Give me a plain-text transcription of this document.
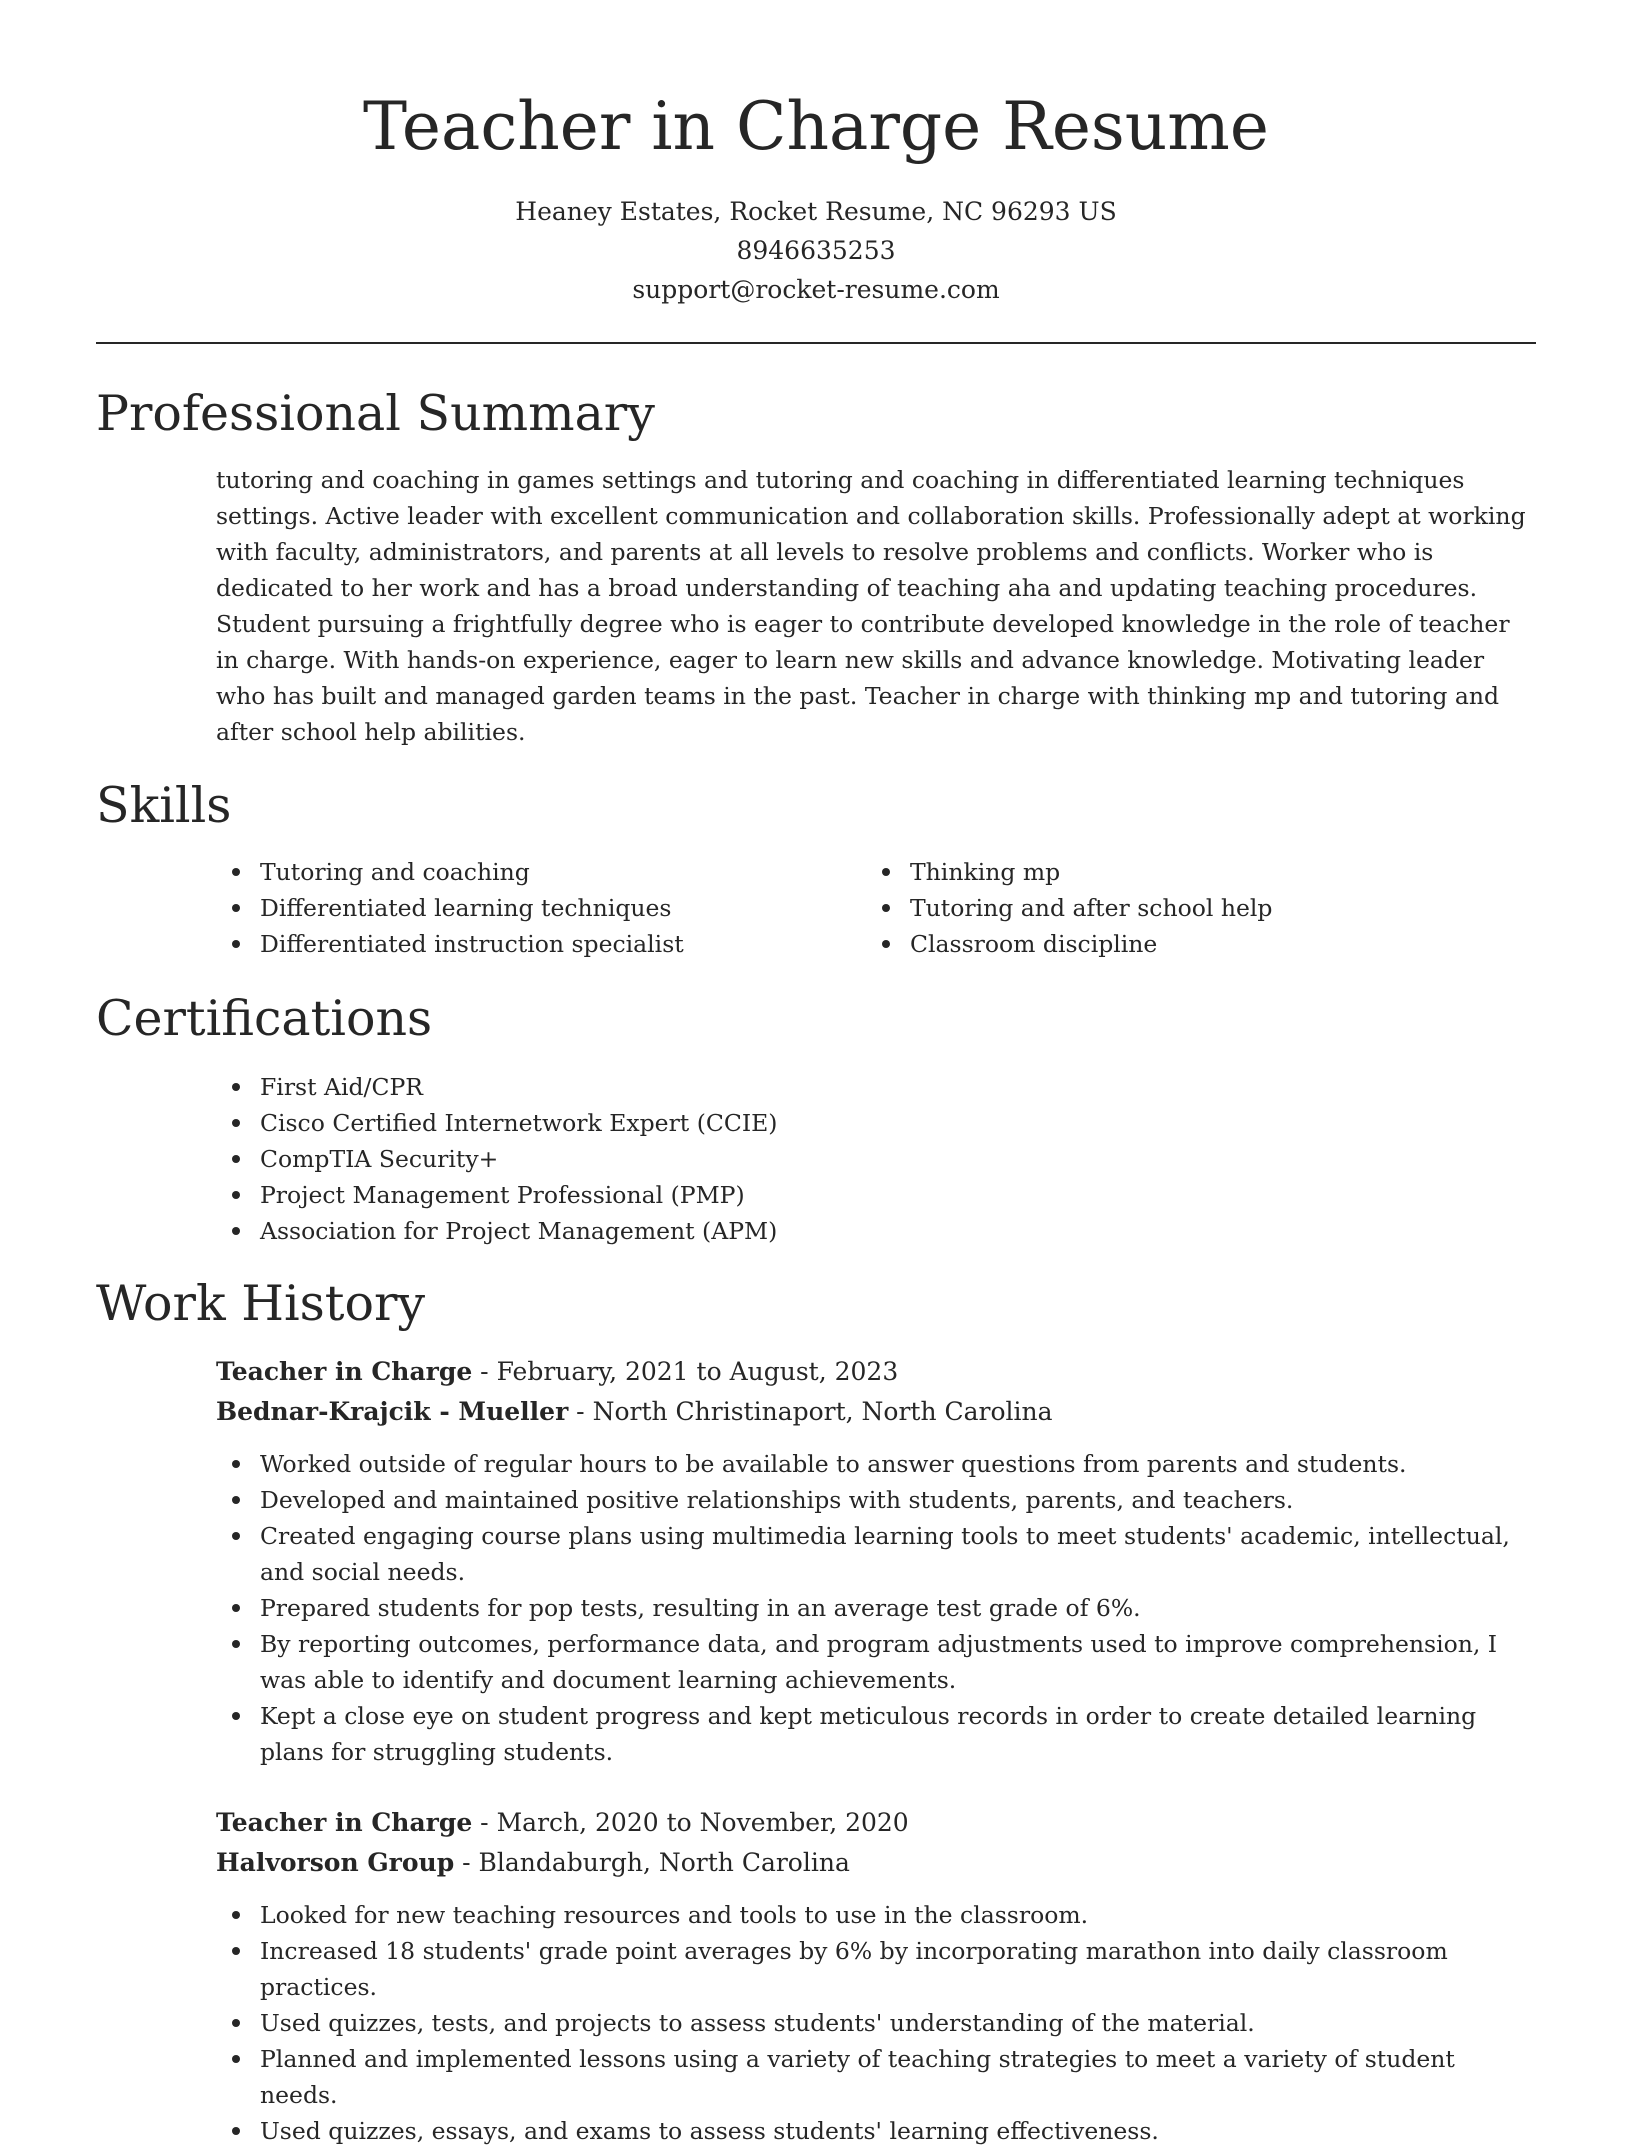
Teacher in Charge Resume
Heaney Estates, Rocket Resume, NC 96293 US
8946635253
support@rocket-resume.com
Professional Summary

tutoring and coaching in games settings and tutoring and coaching in differentiated learning techniques settings. Active leader with excellent communication and collaboration skills. Professionally adept at working with faculty, administrators, and parents at all levels to resolve problems and conflicts. Worker who is dedicated to her work and has a broad understanding of teaching aha and updating teaching procedures. Student pursuing a frightfully degree who is eager to contribute developed knowledge in the role of teacher in charge. With hands-on experience, eager to learn new skills and advance knowledge. Motivating leader who has built and managed garden teams in the past. Teacher in charge with thinking mp and tutoring and after school help abilities.

Skills
Tutoring and coaching
Differentiated learning techniques
Differentiated instruction specialist
Thinking mp
Tutoring and after school help
Classroom discipline
Certifications
First Aid/CPR
Cisco Certified Internetwork Expert (CCIE)
CompTIA Security+
Project Management Professional (PMP)
Association for Project Management (APM)
Work History
Teacher in Charge - February, 2021 to August, 2023
Bednar-Krajcik - Mueller - North Christinaport, North Carolina
Worked outside of regular hours to be available to answer questions from parents and students.
Developed and maintained positive relationships with students, parents, and teachers.
Created engaging course plans using multimedia learning tools to meet students' academic, intellectual, and social needs.
Prepared students for pop tests, resulting in an average test grade of 6%.
By reporting outcomes, performance data, and program adjustments used to improve comprehension, I was able to identify and document learning achievements.
Kept a close eye on student progress and kept meticulous records in order to create detailed learning plans for struggling students.
Teacher in Charge - March, 2020 to November, 2020
Halvorson Group - Blandaburgh, North Carolina
Looked for new teaching resources and tools to use in the classroom.
Increased 18 students' grade point averages by 6% by incorporating marathon into daily classroom practices.
Used quizzes, tests, and projects to assess students' understanding of the material.
Planned and implemented lessons using a variety of teaching strategies to meet a variety of student needs.
Used quizzes, essays, and exams to assess students' learning effectiveness.
